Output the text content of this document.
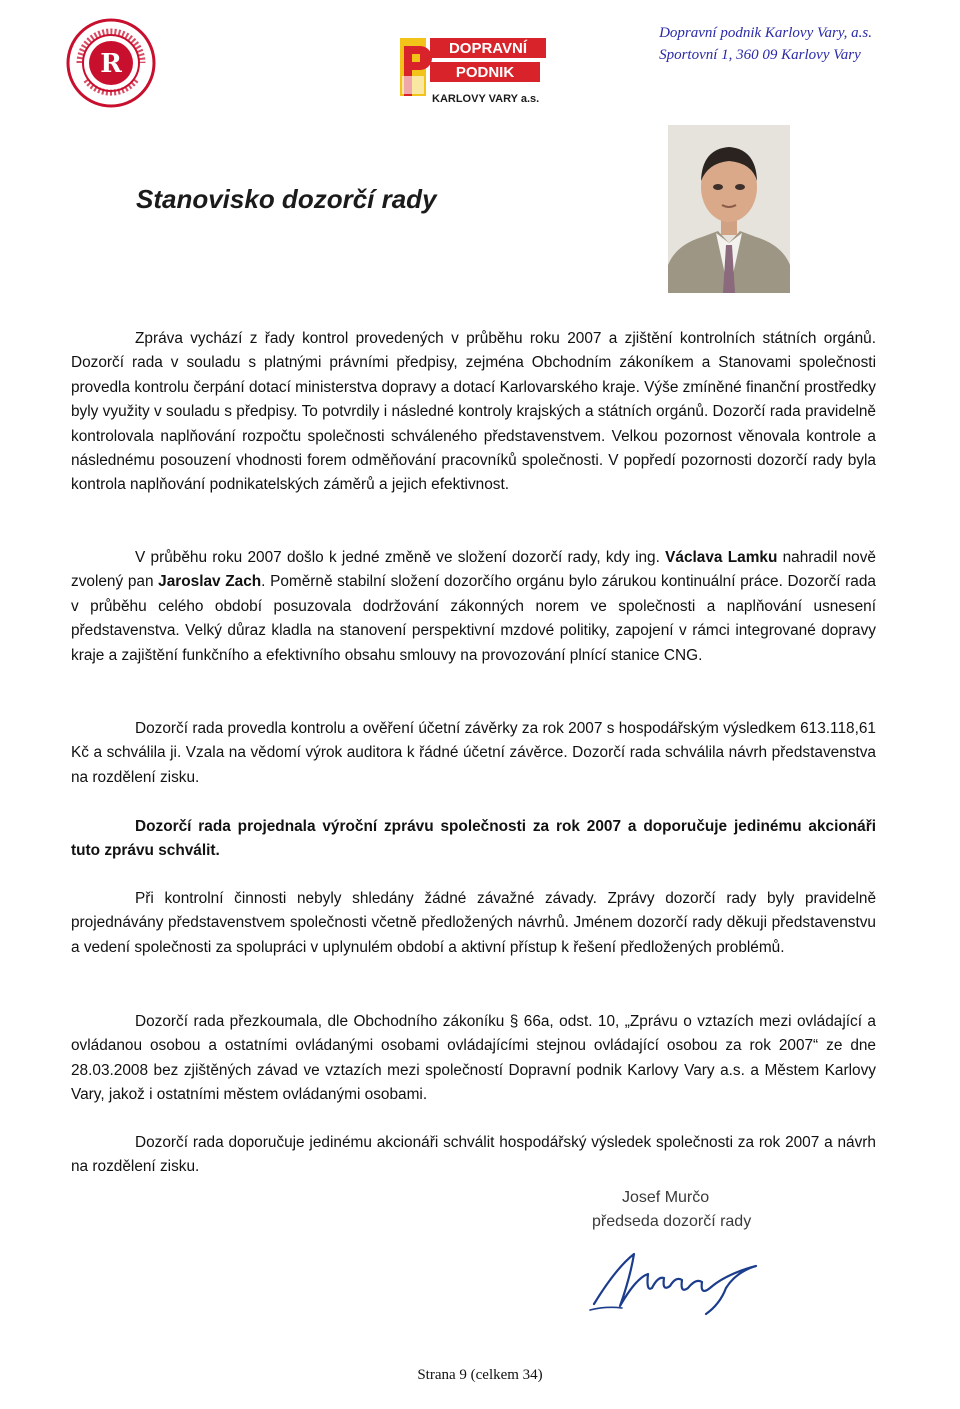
R
DOPRAVNÍ
PODNIK
KARLOVY VARY a.s.
Dopravní podnik Karlovy Vary, a.s.
Sportovní 1, 360 09 Karlovy Vary
Stanovisko dozorčí rady

Zpráva vychází z řady kontrol provedených v průběhu roku 2007 a zjištění kontrolních státních orgánů. Dozorčí rada v souladu s platnými právními předpisy, zejména Obchodním zákoníkem a Stanovami společnosti provedla kontrolu čerpání dotací ministerstva dopravy a dotací Karlovarského kraje. Výše zmíněné finanční prostředky byly využity v souladu s předpisy. To potvrdily i následné kontroly krajských a státních orgánů. Dozorčí rada pravidelně kontrolovala naplňování rozpočtu společnosti schváleného představenstvem. Velkou pozornost věnovala kontrole a následnému posouzení vhodnosti forem odměňování pracovníků společnosti. V popředí pozornosti dozorčí rady byla kontrola naplňování podnikatelských záměrů a jejich efektivnost.

V průběhu roku 2007 došlo k jedné změně ve složení dozorčí rady, kdy ing. Václava Lamku nahradil nově zvolený pan Jaroslav Zach. Poměrně stabilní složení dozorčího orgánu bylo zárukou kontinuální práce. Dozorčí rada v průběhu celého období posuzovala dodržování zákonných norem ve společnosti a naplňování usnesení představenstva. Velký důraz kladla na stanovení perspektivní mzdové politiky, zapojení v rámci integrované dopravy kraje a zajištění funkčního a efektivního obsahu smlouvy na provozování plnící stanice CNG.

Dozorčí rada provedla kontrolu a ověření účetní závěrky za rok 2007 s hospodářským výsledkem 613.118,61 Kč a schválila ji. Vzala na vědomí výrok auditora k řádné účetní závěrce. Dozorčí rada schválila návrh představenstva na rozdělení zisku.

Dozorčí rada projednala výroční zprávu společnosti za rok 2007 a doporučuje jedinému akcionáři tuto zprávu schválit.

Při kontrolní činnosti nebyly shledány žádné závažné závady. Zprávy dozorčí rady byly pravidelně projednávány představenstvem společnosti včetně předložených návrhů. Jménem dozorčí rady děkuji představenstvu a vedení společnosti za spolupráci v uplynulém období a aktivní přístup k řešení předložených problémů.

Dozorčí rada přezkoumala, dle Obchodního zákoníku § 66a, odst. 10, „Zprávu o vztazích mezi ovládající a ovládanou osobou a ostatními ovládanými osobami ovládajícími stejnou ovládající osobou za rok 2007“ ze dne 28.03.2008 bez zjištěných závad ve vztazích mezi společností Dopravní podnik Karlovy Vary a.s. a Městem Karlovy Vary, jakož i ostatními městem ovládanými osobami.

Dozorčí rada doporučuje jedinému akcionáři schválit hospodářský výsledek společnosti za rok 2007 a návrh na rozdělení zisku.

Josef Murčo
předseda dozorčí rady
Strana 9 (celkem 34)
